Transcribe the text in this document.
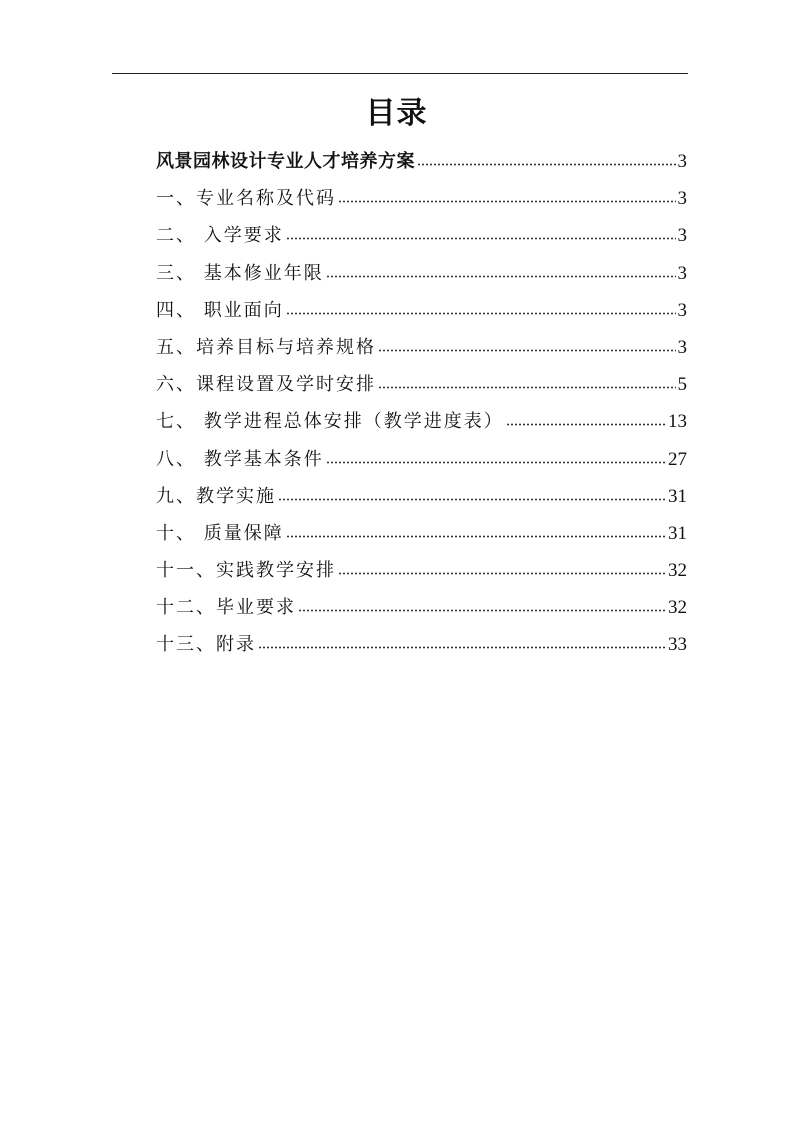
目录
风景园林设计专业人才培养方案	3
一、专业名称及代码	3
二、 入学要求	3
三、 基本修业年限	3
四、 职业面向	3
五、培养目标与培养规格	3
六、课程设置及学时安排	5
七、 教学进程总体安排（教学进度表）	13
八、 教学基本条件	27
九、教学实施	31
十、 质量保障	31
十一、实践教学安排	32
十二、毕业要求	32
十三、附录	33
